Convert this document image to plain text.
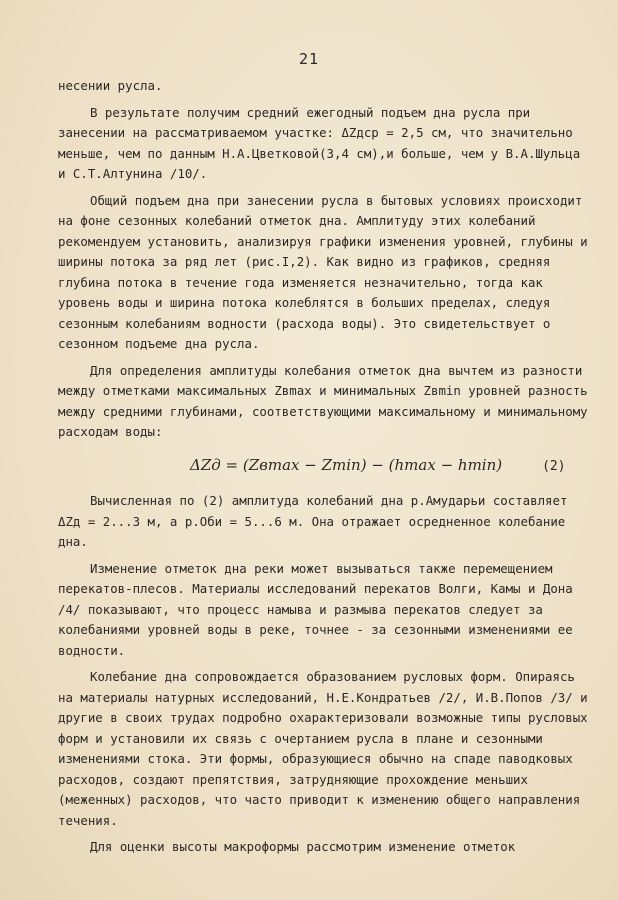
21

несении русла.

В результате получим средний ежегодный подъем дна русла при занесении на рассматриваемом участке: ΔZдср = 2,5 см, что значительно меньше, чем по данным Н.А.Цветковой(3,4 см),и больше, чем у В.А.Шульца и С.Т.Алтунина /10/.

Общий подъем дна при занесении русла в бытовых условиях происходит на фоне сезонных колебаний отметок дна. Амплитуду этих колебаний рекомендуем установить, анализируя графики изменения уровней, глубины и ширины потока за ряд лет (рис.I,2). Как видно из графиков, средняя глубина потока в течение года изменяется незначительно, тогда как уровень воды и ширина потока колеблятся в больших пределах, следуя сезонным колебаниям водности (расхода воды). Это свидетельствует о сезонном подъеме дна русла.

Для определения амплитуды колебания отметок дна вычтем из разности между отметками максимальных Zвmax и минимальных Zвmin уровней разность между средними глубинами, соответствующими максимальному и минимальному расходам воды:

ΔZд = (Zвmax − Zmin) − (hmax − hmin)	(2)

Вычисленная по (2) амплитуда колебаний дна р.Амударьи составляет ΔZд = 2...3 м, а р.Оби = 5...6 м. Она отражает осредненное колебание дна.

Изменение отметок дна реки может вызываться также перемещением перекатов-плесов. Материалы исследований перекатов Волги, Камы и Дона /4/ показывают, что процесс намыва и размыва перекатов следует за колебаниями уровней воды в реке, точнее - за сезонными изменениями ее водности.

Колебание дна сопровождается образованием русловых форм. Опираясь на материалы натурных исследований, Н.Е.Кондратьев /2/, И.В.Попов /3/ и другие в своих трудах подробно охарактеризовали возможные типы русловых форм и установили их связь с очертанием русла в плане и сезонными изменениями стока. Эти формы, образующиеся обычно на спаде паводковых расходов, создают препятствия, затрудняющие прохождение меньших (меженных) расходов, что часто приводит к изменению общего направления течения.

Для оценки высоты макроформы рассмотрим изменение отметок
